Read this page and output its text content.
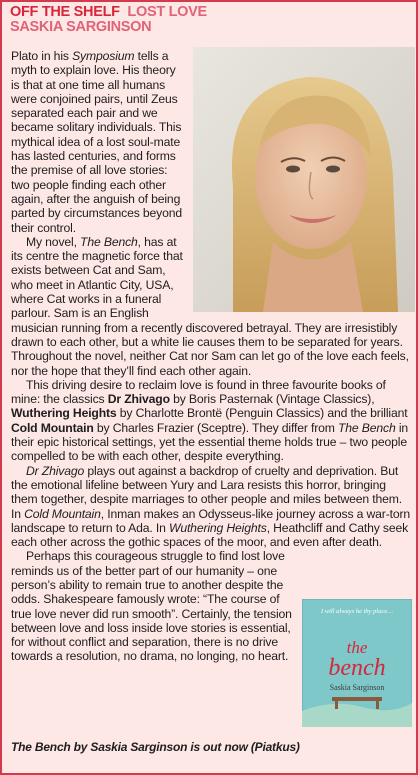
OFF THE SHELF LOST LOVE
SASKIA SARGINSON

Plato in his Symposium tells a myth to explain love. His theory is that at one time all humans were conjoined pairs, until Zeus separated each pair and we became solitary individuals. This mythical idea of a lost soul-mate has lasted centuries, and forms the premise of all love stories: two people finding each other again, after the anguish of being parted by circumstances beyond their control.

My novel, The Bench, has at its centre the magnetic force that exists between Cat and Sam, who meet in Atlantic City, USA, where Cat works in a funeral parlour. Sam is an English musician running from a recently discovered betrayal. They are irresistibly drawn to each other, but a white lie causes them to be separated for years. Throughout the novel, neither Cat nor Sam can let go of the love each feels, nor the hope that they’ll find each other again.

This driving desire to reclaim love is found in three favourite books of mine: the classics Dr Zhivago by Boris Pasternak (Vintage Classics), Wuthering Heights by Charlotte Brontë (Penguin Classics) and the brilliant Cold Mountain by Charles Frazier (Sceptre). They differ from The Bench in their epic historical settings, yet the essential theme holds true – two people compelled to be with each other, despite everything.

Dr Zhivago plays out against a backdrop of cruelty and deprivation. But the emotional lifeline between Yury and Lara resists this horror, bringing them together, despite marriages to other people and miles between them. In Cold Mountain, Inman makes an Odysseus-like journey across a war-torn landscape to return to Ada. In Wuthering Heights, Heathcliff and Cathy seek each other across the gothic spaces of the moor, and even after death.

Perhaps this courageous struggle to find lost love reminds us of the better part of our humanity – one person’s ability to remain true to another despite the odds. Shakespeare famously wrote: “The course of true love never did run smooth”. Certainly, the tension between love and loss inside love stories is essential, for without conflict and separation, there is no drive towards a resolution, no drama, no longing, no heart.

I will always be thy place…
the
bench
Saskia Sarginson
The Bench by Saskia Sarginson is out now (Piatkus)
